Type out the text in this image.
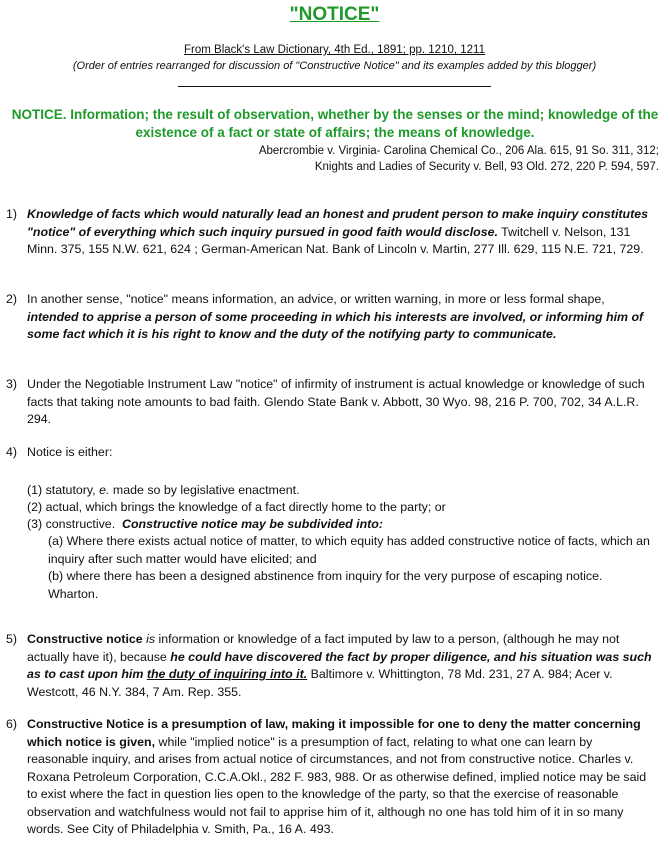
"NOTICE"
From Black's Law Dictionary, 4th Ed., 1891; pp. 1210, 1211
(Order of entries rearranged for discussion of "Constructive Notice" and its examples added by this blogger)
NOTICE. Information; the result of observation, whether by the senses or the mind; knowledge of the existence of a fact or state of affairs; the means of knowledge.
Abercrombie v. Virginia- Carolina Chemical Co., 206 Ala. 615, 91 So. 311, 312;
Knights and Ladies of Security v. Bell, 93 Old. 272, 220 P. 594, 597.
1) Knowledge of facts which would naturally lead an honest and prudent person to make inquiry constitutes "notice" of everything which such inquiry pursued in good faith would disclose. Twitchell v. Nelson, 131 Minn. 375, 155 N.W. 621, 624 ; German-American Nat. Bank of Lincoln v. Martin, 277 Ill. 629, 115 N.E. 721, 729.
2) In another sense, "notice" means information, an advice, or written warning, in more or less formal shape, intended to apprise a person of some proceeding in which his interests are involved, or informing him of some fact which it is his right to know and the duty of the notifying party to communicate.
3) Under the Negotiable Instrument Law "notice" of infirmity of instrument is actual knowledge or knowledge of such facts that taking note amounts to bad faith. Glendo State Bank v. Abbott, 30 Wyo. 98, 216 P. 700, 702, 34 A.L.R. 294.
4) Notice is either:
(1) statutory, e. made so by legislative enactment.
(2) actual, which brings the knowledge of a fact directly home to the party; or
(3) constructive. Constructive notice may be subdivided into:
(a) Where there exists actual notice of matter, to which equity has added constructive notice of facts, which an inquiry after such matter would have elicited; and
(b) where there has been a designed abstinence from inquiry for the very purpose of escaping notice. Wharton.
5) Constructive notice is information or knowledge of a fact imputed by law to a person, (although he may not actually have it), because he could have discovered the fact by proper diligence, and his situation was such as to cast upon him the duty of inquiring into it. Baltimore v. Whittington, 78 Md. 231, 27 A. 984; Acer v. Westcott, 46 N.Y. 384, 7 Am. Rep. 355.
6) Constructive Notice is a presumption of law, making it impossible for one to deny the matter concerning which notice is given, while "implied notice" is a presumption of fact, relating to what one can learn by reasonable inquiry, and arises from actual notice of circumstances, and not from constructive notice. Charles v. Roxana Petroleum Corporation, C.C.A.Okl., 282 F. 983, 988. Or as otherwise defined, implied notice may be said to exist where the fact in question lies open to the knowledge of the party, so that the exercise of reasonable observation and watchfulness would not fail to apprise him of it, although no one has told him of it in so many words. See City of Philadelphia v. Smith, Pa., 16 A. 493.
